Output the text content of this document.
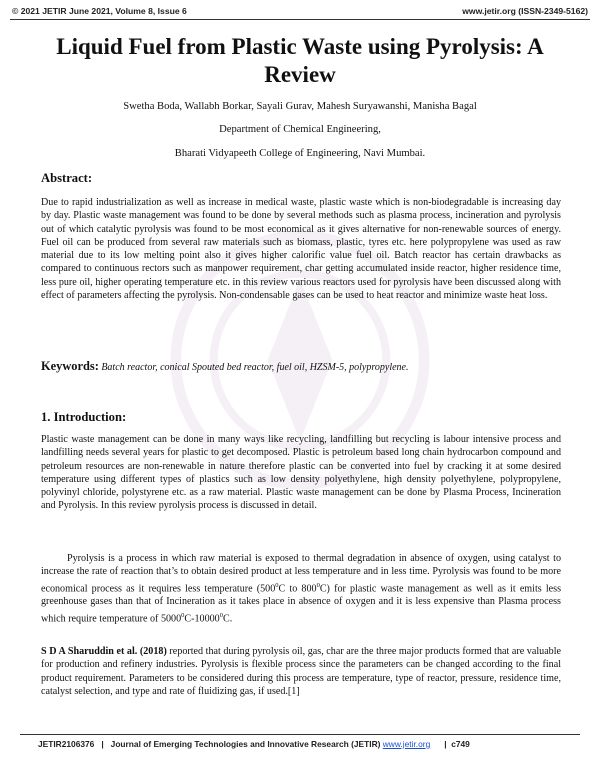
© 2021 JETIR June 2021, Volume 8, Issue 6	www.jetir.org (ISSN-2349-5162)
Liquid Fuel from Plastic Waste using Pyrolysis: A
Review
Swetha Boda, Wallabh Borkar, Sayali Gurav, Mahesh Suryawanshi, Manisha Bagal
Department of Chemical Engineering,
Bharati Vidyapeeth College of Engineering, Navi Mumbai.
Abstract:

Due to rapid industrialization as well as increase in medical waste, plastic waste which is non-biodegradable is increasing day by day. Plastic waste management was found to be done by several methods such as plasma process, incineration and pyrolysis out of which catalytic pyrolysis was found to be most economical as it gives alternative for non-renewable sources of energy. Fuel oil can be produced from several raw materials such as biomass, plastic, tyres etc. here polypropylene was used as raw material due to its low melting point also it gives higher calorific value fuel oil. Batch reactor has certain drawbacks as compared to continuous rectors such as manpower requirement, char getting accumulated inside reactor, higher residence time, less pure oil, higher operating temperature etc. in this review various reactors used for pyrolysis have been discussed along with effect of parameters affecting the pyrolysis. Non-condensable gases can be used to heat reactor and minimize waste heat loss.

Keywords: Batch reactor, conical Spouted bed reactor, fuel oil, HZSM-5, polypropylene.

1. Introduction:

Plastic waste management can be done in many ways like recycling, landfilling but recycling is labour intensive process and landfilling needs several years for plastic to get decomposed. Plastic is petroleum based long chain hydrocarbon compound and petroleum resources are non-renewable in nature therefore plastic can be converted into fuel by cracking it at some desired temperature using different types of plastics such as low density polyethylene, high density polyethylene, polypropylene, polyvinyl chloride, polystyrene etc. as a raw material. Plastic waste management can be done by Plasma Process, Incineration and Pyrolysis. In this review pyrolysis process is discussed in detail.

Pyrolysis is a process in which raw material is exposed to thermal degradation in absence of oxygen, using catalyst to increase the rate of reaction that’s to obtain desired product at less temperature and in less time. Pyrolysis was found to be more economical process as it requires less temperature ($500^0C$ to $800^0C$) for plastic waste management as well as it emits less greenhouse gases than that of Incineration as it takes place in absence of oxygen and it is less expensive than Plasma process which require temperature of 5000$^0$C-10000$^0$C.

S D A Sharuddin et al. (2018) reported that during pyrolysis oil, gas, char are the three major products formed that are valuable for production and refinery industries. Pyrolysis is flexible process since the parameters can be changed according to the final product requirement. Parameters to be considered during this process are temperature, type of reactor, pressure, residence time, catalyst selection, and type and rate of fluidizing gas, if used.[1]

JETIR2106376   |   Journal of Emerging Technologies and Innovative Research (JETIR) www.jetir.org      |  c749
